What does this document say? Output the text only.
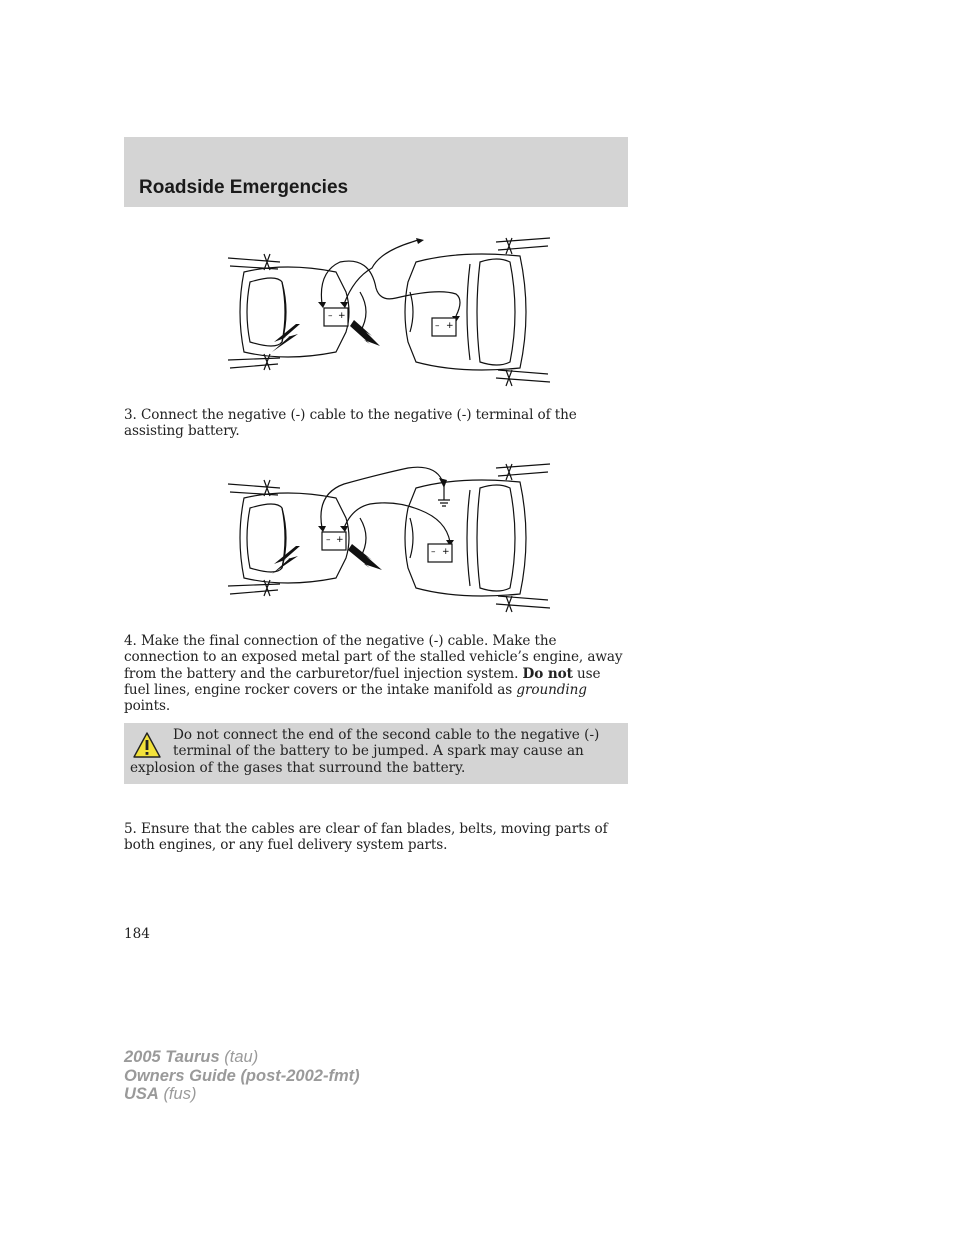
Roadside Emergencies
– +
– +

3. Connect the negative (-) cable to the negative (-) terminal of the assisting battery.

– +
– +

4. Make the final connection of the negative (-) cable. Make the connection to an exposed metal part of the stalled vehicle’s engine, away from the battery and the carburetor/fuel injection system. Do not use fuel lines, engine rocker covers or the intake manifold as grounding points.

Do not connect the end of the second cable to the negative (-) terminal of the battery to be jumped. A spark may cause an explosion of the gases that surround the battery.

5. Ensure that the cables are clear of fan blades, belts, moving parts of both engines, or any fuel delivery system parts.

184

2005 Taurus (tau)
Owners Guide (post-2002-fmt)
USA (fus)
